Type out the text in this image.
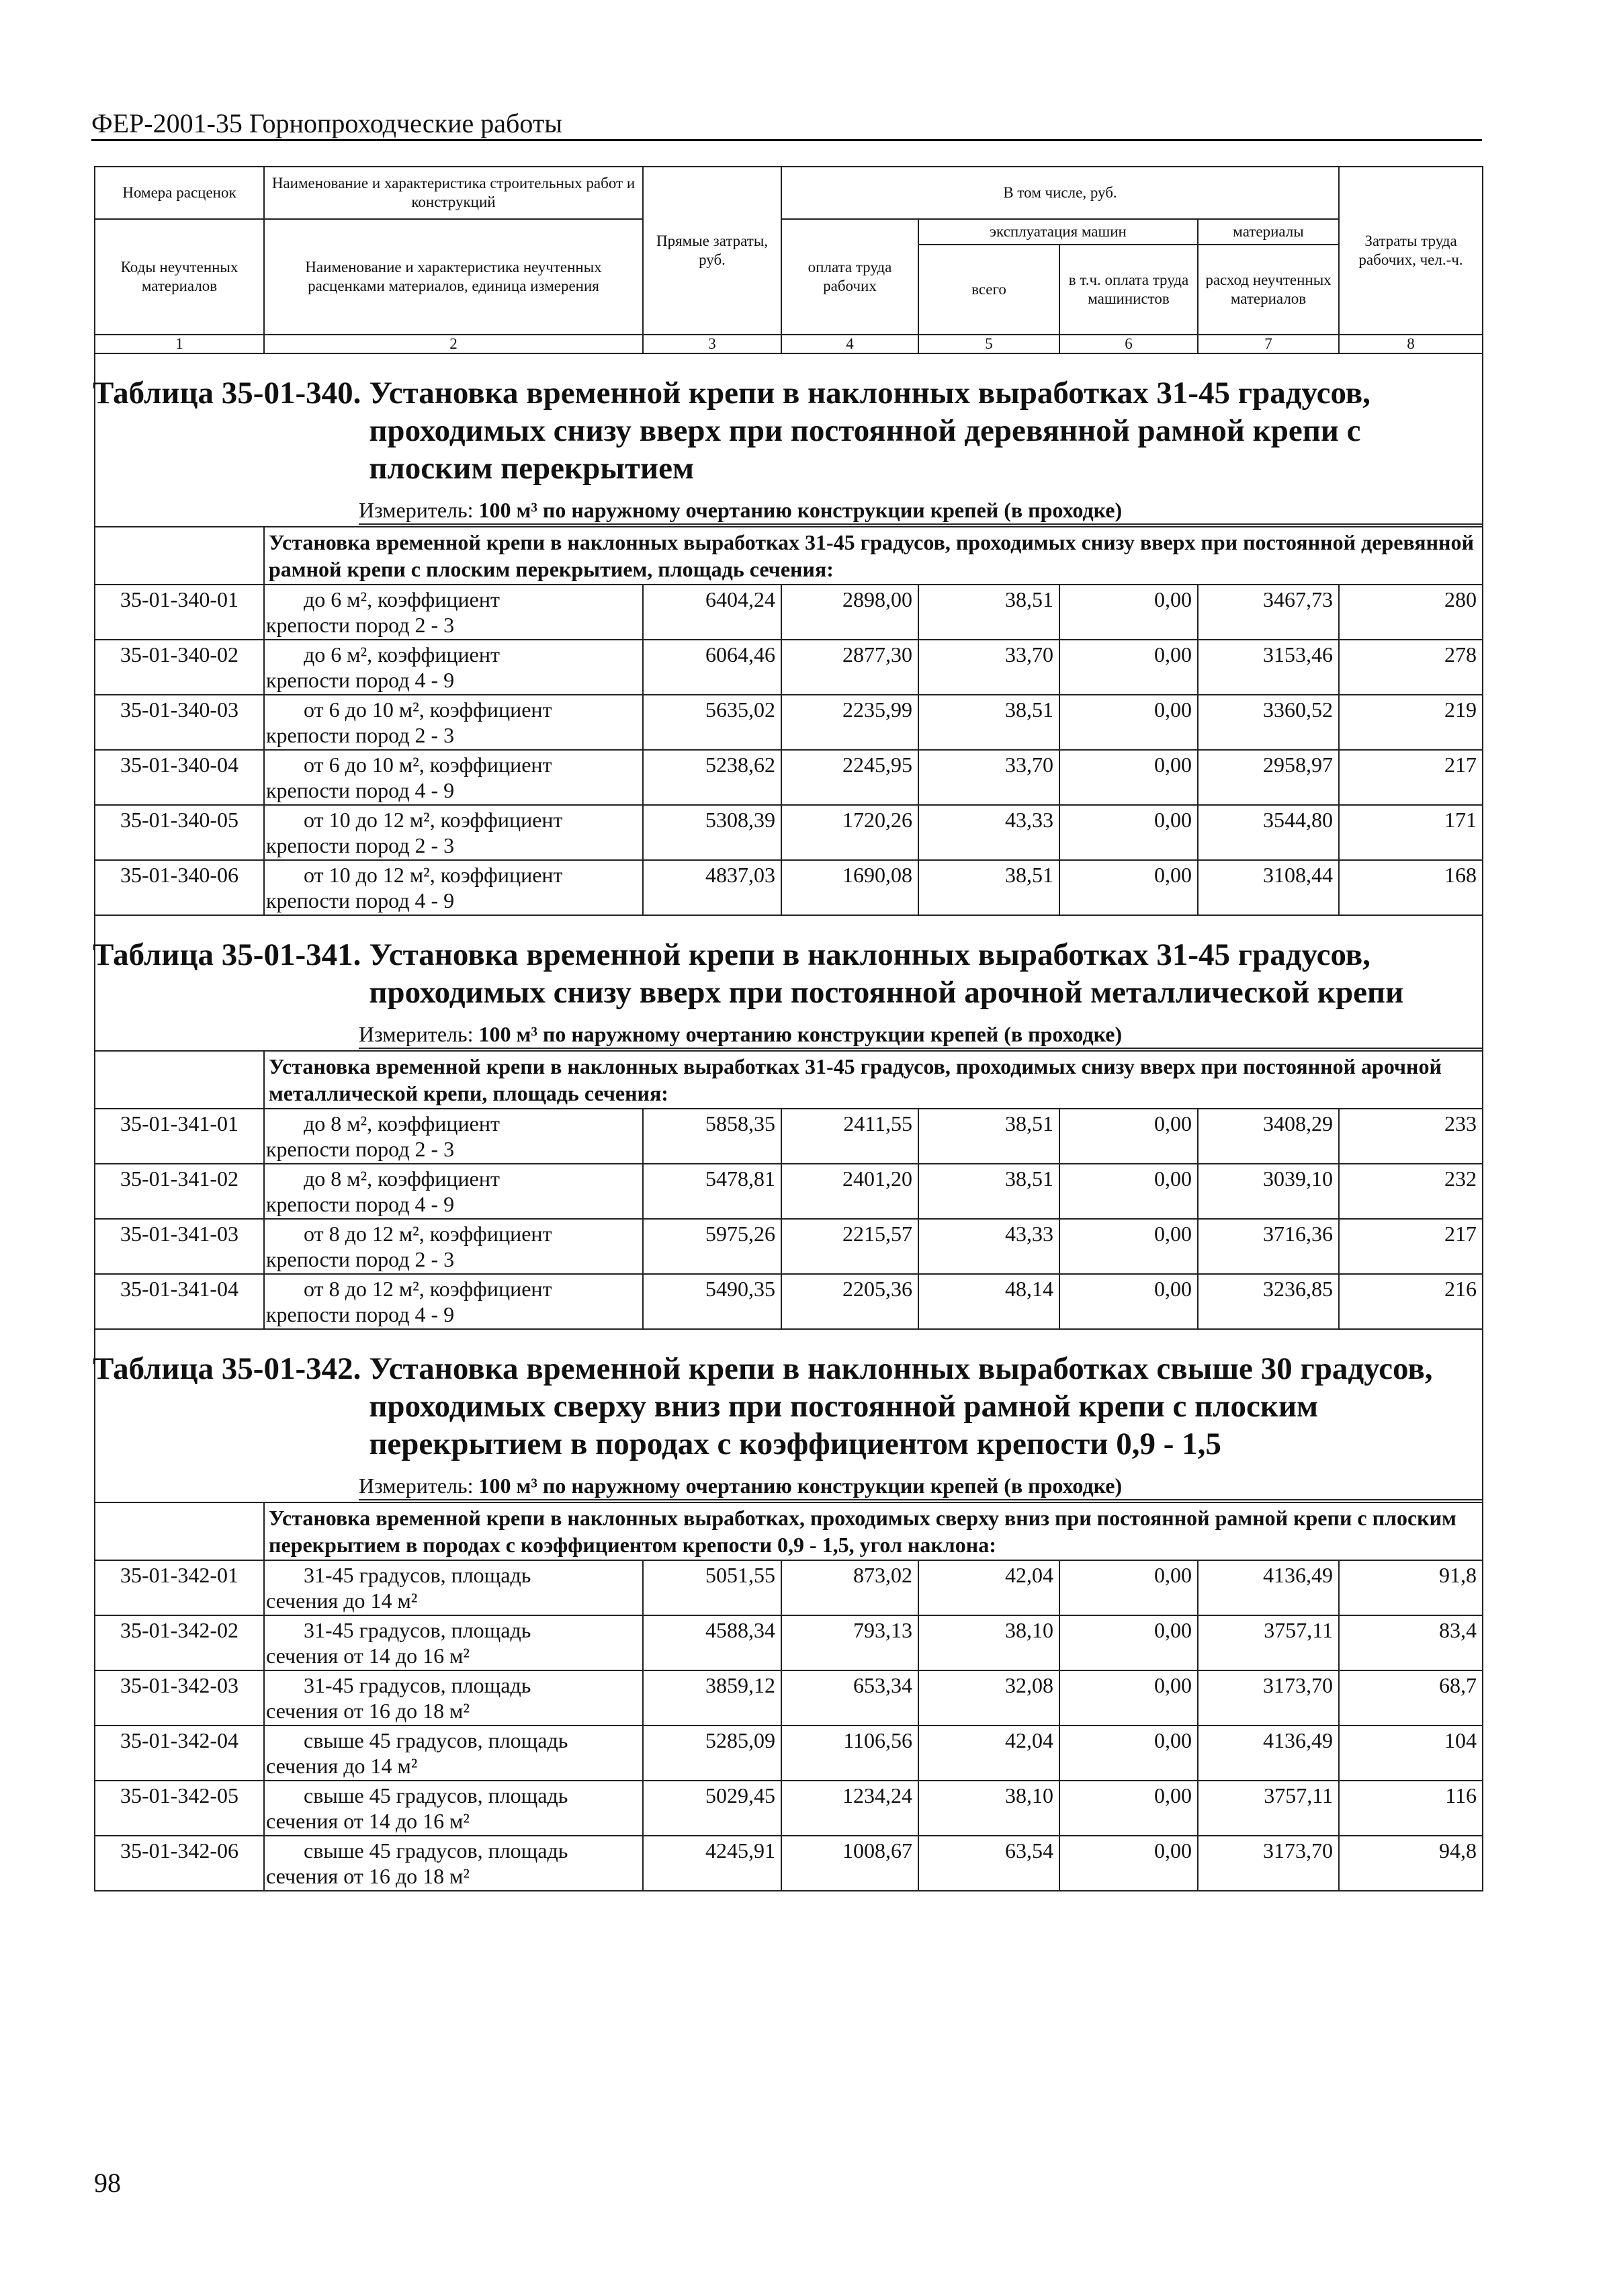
ФЕР-2001-35 Горнопроходческие работы
Номера расценок	Наименование и характеристика строительных работ и конструкций	Прямые затраты, руб.	В том числе, руб.				Затраты труда рабочих, чел.-ч.
Коды неучтенных материалов	Наименование и характеристика неучтенных расценками материалов, единица измерения		оплата труда рабочих	эксплуатация машин		материалы	
				всего	в т.ч. оплата труда машинистов	расход неучтенных материалов	
1	2	3	4	5	6	7	8

Таблица 35-01-340. Установка временной крепи в наклонных выработках 31-45 градусов, проходимых снизу вверх при постоянной деревянной рамной крепи с плоским перекрытием							

Измеритель: 100 м³ по наружному очертанию конструкции крепей (в проходке)							

	Установка временной крепи в наклонных выработках 31-45 градусов, проходимых снизу вверх при постоянной деревянной рамной крепи с плоским перекрытием, площадь сечения:						
35-01-340-01	до 6 м², коэффициент
крепости пород 2 - 3	6404,24	2898,00	38,51	0,00	3467,73	280
35-01-340-02	до 6 м², коэффициент
крепости пород 4 - 9	6064,46	2877,30	33,70	0,00	3153,46	278
35-01-340-03	от 6 до 10 м², коэффициент
крепости пород 2 - 3	5635,02	2235,99	38,51	0,00	3360,52	219
35-01-340-04	от 6 до 10 м², коэффициент
крепости пород 4 - 9	5238,62	2245,95	33,70	0,00	2958,97	217
35-01-340-05	от 10 до 12 м², коэффициент
крепости пород 2 - 3	5308,39	1720,26	43,33	0,00	3544,80	171
35-01-340-06	от 10 до 12 м², коэффициент
крепости пород 4 - 9	4837,03	1690,08	38,51	0,00	3108,44	168

Таблица 35-01-341. Установка временной крепи в наклонных выработках 31-45 градусов, проходимых снизу вверх при постоянной арочной металлической крепи							

Измеритель: 100 м³ по наружному очертанию конструкции крепей (в проходке)							

	Установка временной крепи в наклонных выработках 31-45 градусов, проходимых снизу вверх при постоянной арочной металлической крепи, площадь сечения:						
35-01-341-01	до 8 м², коэффициент
крепости пород 2 - 3	5858,35	2411,55	38,51	0,00	3408,29	233
35-01-341-02	до 8 м², коэффициент
крепости пород 4 - 9	5478,81	2401,20	38,51	0,00	3039,10	232
35-01-341-03	от 8 до 12 м², коэффициент
крепости пород 2 - 3	5975,26	2215,57	43,33	0,00	3716,36	217
35-01-341-04	от 8 до 12 м², коэффициент
крепости пород 4 - 9	5490,35	2205,36	48,14	0,00	3236,85	216

Таблица 35-01-342. Установка временной крепи в наклонных выработках свыше 30 градусов, проходимых сверху вниз при постоянной рамной крепи с плоским перекрытием в породах с коэффициентом крепости 0,9 - 1,5							

Измеритель: 100 м³ по наружному очертанию конструкции крепей (в проходке)							

	Установка временной крепи в наклонных выработках, проходимых сверху вниз при постоянной рамной крепи с плоским перекрытием в породах с коэффициентом крепости 0,9 - 1,5, угол наклона:						
35-01-342-01	31-45 градусов, площадь
сечения до 14 м²	5051,55	873,02	42,04	0,00	4136,49	91,8
35-01-342-02	31-45 градусов, площадь
сечения от 14 до 16 м²	4588,34	793,13	38,10	0,00	3757,11	83,4
35-01-342-03	31-45 градусов, площадь
сечения от 16 до 18 м²	3859,12	653,34	32,08	0,00	3173,70	68,7
35-01-342-04	свыше 45 градусов, площадь
сечения до 14 м²	5285,09	1106,56	42,04	0,00	4136,49	104
35-01-342-05	свыше 45 градусов, площадь
сечения от 14 до 16 м²	5029,45	1234,24	38,10	0,00	3757,11	116
35-01-342-06	свыше 45 градусов, площадь
сечения от 16 до 18 м²	4245,91	1008,67	63,54	0,00	3173,70	94,8
98
